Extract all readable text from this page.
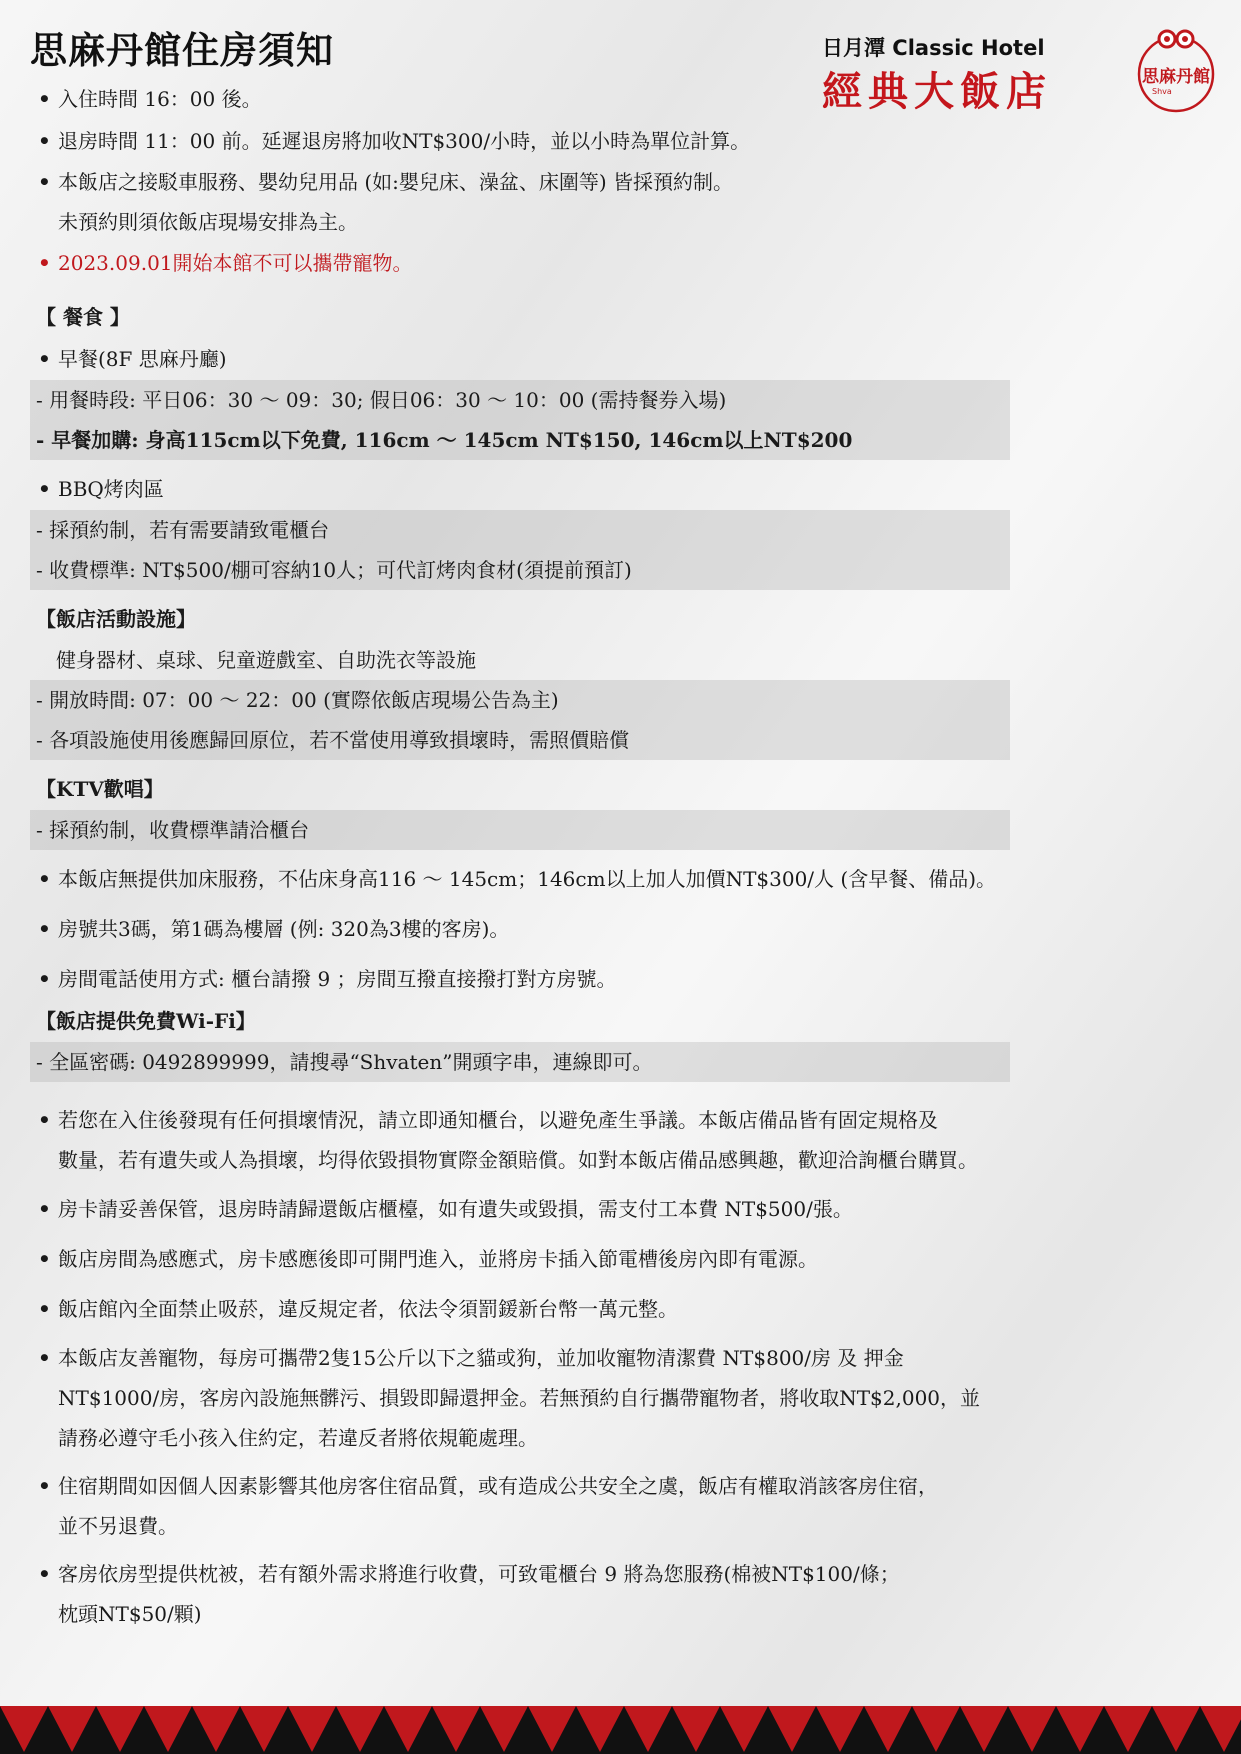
思麻丹館住房須知	日月潭 Classic Hotel
經典大飯店	思麻丹館
Shva
• 入住時間 16：00 後。
• 退房時間 11：00 前。延遲退房將加收NT$300/小時，並以小時為單位計算。
• 本飯店之接駁車服務、嬰幼兒用品 (如:嬰兒床、澡盆、床圍等) 皆採預約制。
未預約則須依飯店現場安排為主。
• 2023.09.01開始本館不可以攜帶寵物。
【 餐食 】
• 早餐(8F 思麻丹廳)
- 用餐時段: 平日06：30 ～ 09：30; 假日06：30 ～ 10：00 (需持餐券入場)
- 早餐加購: 身高115cm以下免費, 116cm ～ 145cm NT$150, 146cm以上NT$200
• BBQ烤肉區
- 採預約制，若有需要請致電櫃台
- 收費標準: NT$500/棚可容納10人；可代訂烤肉食材(須提前預訂)
【飯店活動設施】
健身器材、桌球、兒童遊戲室、自助洗衣等設施
- 開放時間: 07：00 ～ 22：00 (實際依飯店現場公告為主)
- 各項設施使用後應歸回原位，若不當使用導致損壞時，需照價賠償
【KTV歡唱】
- 採預約制，收費標準請洽櫃台
• 本飯店無提供加床服務，不佔床身高116 ～ 145cm；146cm以上加人加價NT$300/人 (含早餐、備品)。
• 房號共3碼，第1碼為樓層 (例: 320為3樓的客房)。
• 房間電話使用方式: 櫃台請撥 9 ；房間互撥直接撥打對方房號。
【飯店提供免費Wi-Fi】
- 全區密碼: 0492899999，請搜尋“Shvaten”開頭字串，連線即可。
• 若您在入住後發現有任何損壞情況，請立即通知櫃台，以避免產生爭議。本飯店備品皆有固定規格及
數量，若有遺失或人為損壞，均得依毀損物實際金額賠償。如對本飯店備品感興趣，歡迎洽詢櫃台購買。
• 房卡請妥善保管，退房時請歸還飯店櫃檯，如有遺失或毀損，需支付工本費 NT$500/張。
• 飯店房間為感應式，房卡感應後即可開門進入，並將房卡插入節電槽後房內即有電源。
• 飯店館內全面禁止吸菸，違反規定者，依法令須罰鍰新台幣一萬元整。
• 本飯店友善寵物，每房可攜帶2隻15公斤以下之貓或狗，並加收寵物清潔費 NT$800/房 及 押金
NT$1000/房，客房內設施無髒污、損毀即歸還押金。若無預約自行攜帶寵物者，將收取NT$2,000，並
請務必遵守毛小孩入住約定，若違反者將依規範處理。
• 住宿期間如因個人因素影響其他房客住宿品質，或有造成公共安全之虞，飯店有權取消該客房住宿，
並不另退費。
• 客房依房型提供枕被，若有額外需求將進行收費，可致電櫃台 9 將為您服務(棉被NT$100/條；
枕頭NT$50/顆)
